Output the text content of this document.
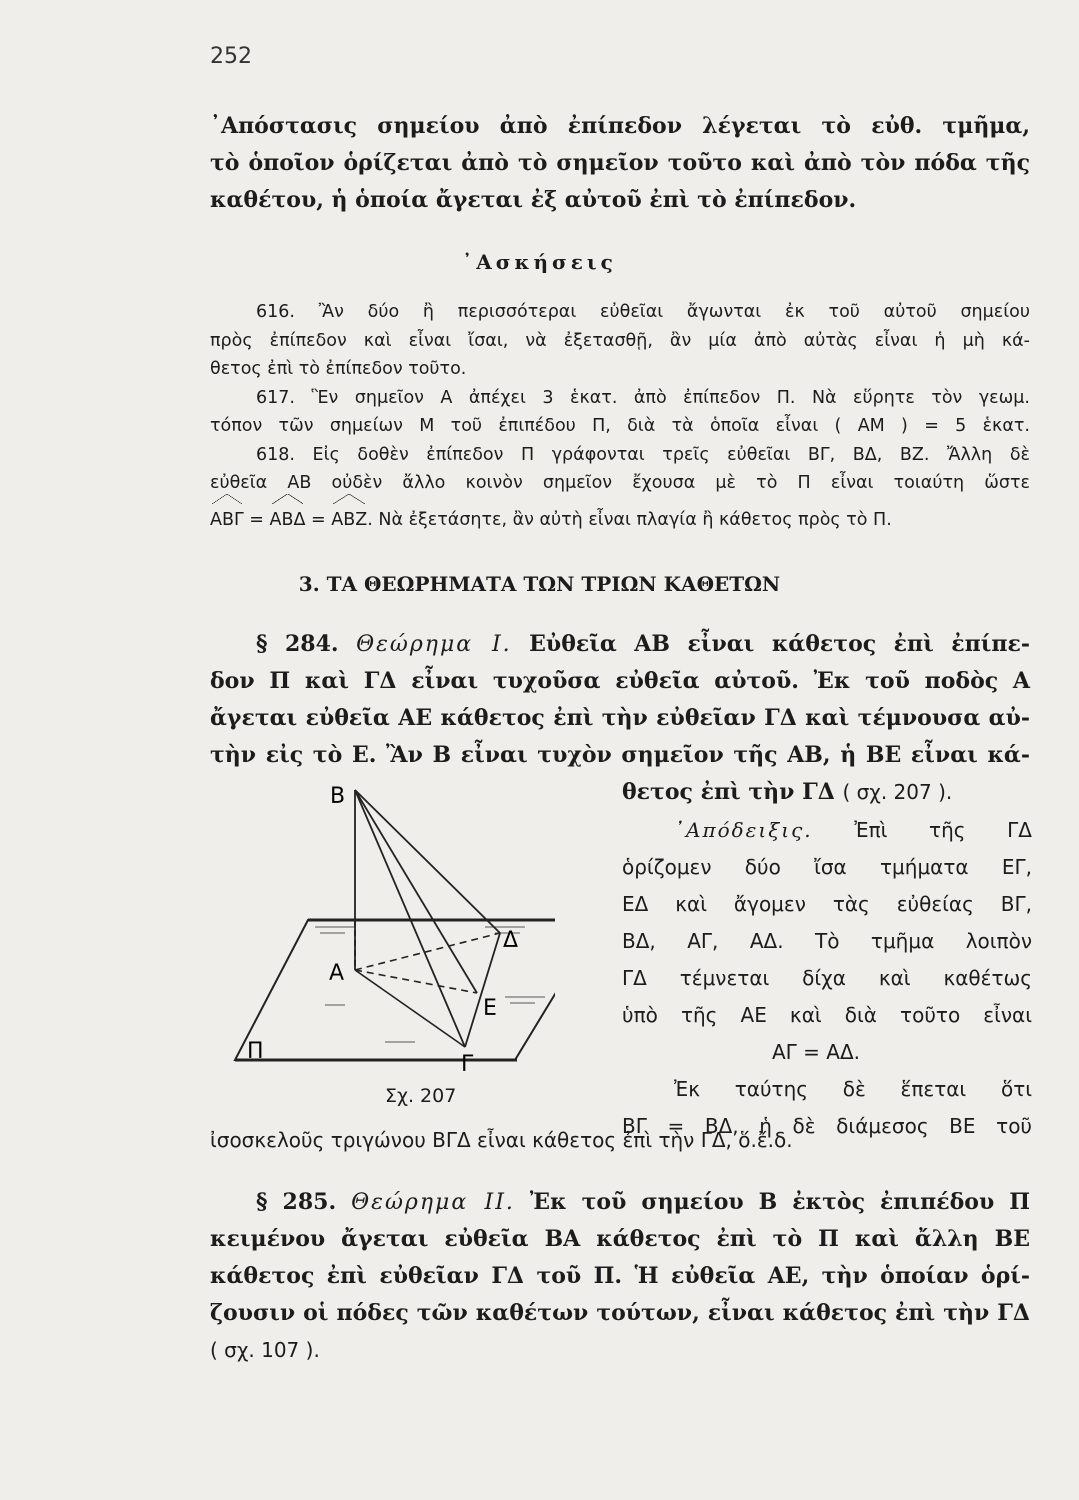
252
᾿Απόστασις σημείου ἀπὸ ἐπίπεδον λέγεται τὸ εὐθ. τμῆμα,
τὸ ὁποῖον ὁρίζεται ἀπὸ τὸ σημεῖον τοῦτο καὶ ἀπὸ τὸν πόδα τῆς
καθέτου, ἡ ὁποία ἄγεται ἐξ αὐτοῦ ἐπὶ τὸ ἐπίπεδον.
᾿Ασκήσεις
616. Ἂν δύο ἢ περισσότεραι εὐθεῖαι ἄγωνται ἐκ τοῦ αὐτοῦ σημείου
πρὸς ἐπίπεδον καὶ εἶναι ἴσαι, νὰ ἐξετασθῇ, ἂν μία ἀπὸ αὐτὰς εἶναι ἡ μὴ κά-
θετος ἐπὶ τὸ ἐπίπεδον τοῦτο.
617. Ἓν σημεῖον Α ἀπέχει 3 ἑκατ. ἀπὸ ἐπίπεδον Π. Νὰ εὕρητε τὸν γεωμ.
τόπον τῶν σημείων Μ τοῦ ἐπιπέδου Π, διὰ τὰ ὁποῖα εἶναι ( ΑΜ ) = 5 ἑκατ.
618. Εἰς δοθὲν ἐπίπεδον Π γράφονται τρεῖς εὐθεῖαι ΒΓ, ΒΔ, ΒΖ. Ἄλλη δὲ
εὐθεῖα ΑΒ οὐδὲν ἄλλο κοινὸν σημεῖον ἔχουσα μὲ τὸ Π εἶναι τοιαύτη ὥστε
ΑΒΓ = ΑΒΔ = ΑΒΖ. Νὰ ἐξετάσητε, ἂν αὐτὴ εἶναι πλαγία ἢ κάθετος πρὸς τὸ Π.
3. ΤΑ ΘΕΩΡΗΜΑΤΑ ΤΩΝ ΤΡΙΩΝ ΚΑΘΕΤΩΝ
§ 284. Θεώρημα I. Εὐθεῖα ΑΒ εἶναι κάθετος ἐπὶ ἐπίπε-
δον Π καὶ ΓΔ εἶναι τυχοῦσα εὐθεῖα αὐτοῦ. Ἐκ τοῦ ποδὸς Α
ἄγεται εὐθεῖα ΑΕ κάθετος ἐπὶ τὴν εὐθεῖαν ΓΔ καὶ τέμνουσα αὐ-
τὴν εἰς τὸ Ε. Ἂν Β εἶναι τυχὸν σημεῖον τῆς ΑΒ, ἡ ΒΕ εἶναι κά-
θετος ἐπὶ τὴν ΓΔ ( σχ. 207 ).
᾿Απόδειξις. Ἐπὶ τῆς ΓΔ
ὁρίζομεν δύο ἴσα τμήματα ΕΓ,
ΕΔ καὶ ἄγομεν τὰς εὐθείας ΒΓ,
ΒΔ, ΑΓ, ΑΔ. Τὸ τμῆμα λοιπὸν
ΓΔ τέμνεται δίχα καὶ καθέτως
ὑπὸ τῆς ΑΕ καὶ διὰ τοῦτο εἶναι
ΑΓ = ΑΔ.
Ἐκ ταύτης δὲ ἕπεται ὅτι
ΒΓ = ΒΔ, ἡ δὲ διάμεσος ΒΕ τοῦ
ἰσοσκελοῦς τριγώνου ΒΓΔ εἶναι κάθετος ἐπὶ τὴν ΓΔ, ὅ.ἔ.δ.
Β
Α
Ε
Γ
Δ
Π
Σχ. 207
§ 285. Θεώρημα II. Ἐκ τοῦ σημείου Β ἐκτὸς ἐπιπέδου Π
κειμένου ἄγεται εὐθεῖα ΒΑ κάθετος ἐπὶ τὸ Π καὶ ἄλλη ΒΕ
κάθετος ἐπὶ εὐθεῖαν ΓΔ τοῦ Π. Ἡ εὐθεῖα ΑΕ, τὴν ὁποίαν ὁρί-
ζουσιν οἱ πόδες τῶν καθέτων τούτων, εἶναι κάθετος ἐπὶ τὴν ΓΔ
( σχ. 107 ).
